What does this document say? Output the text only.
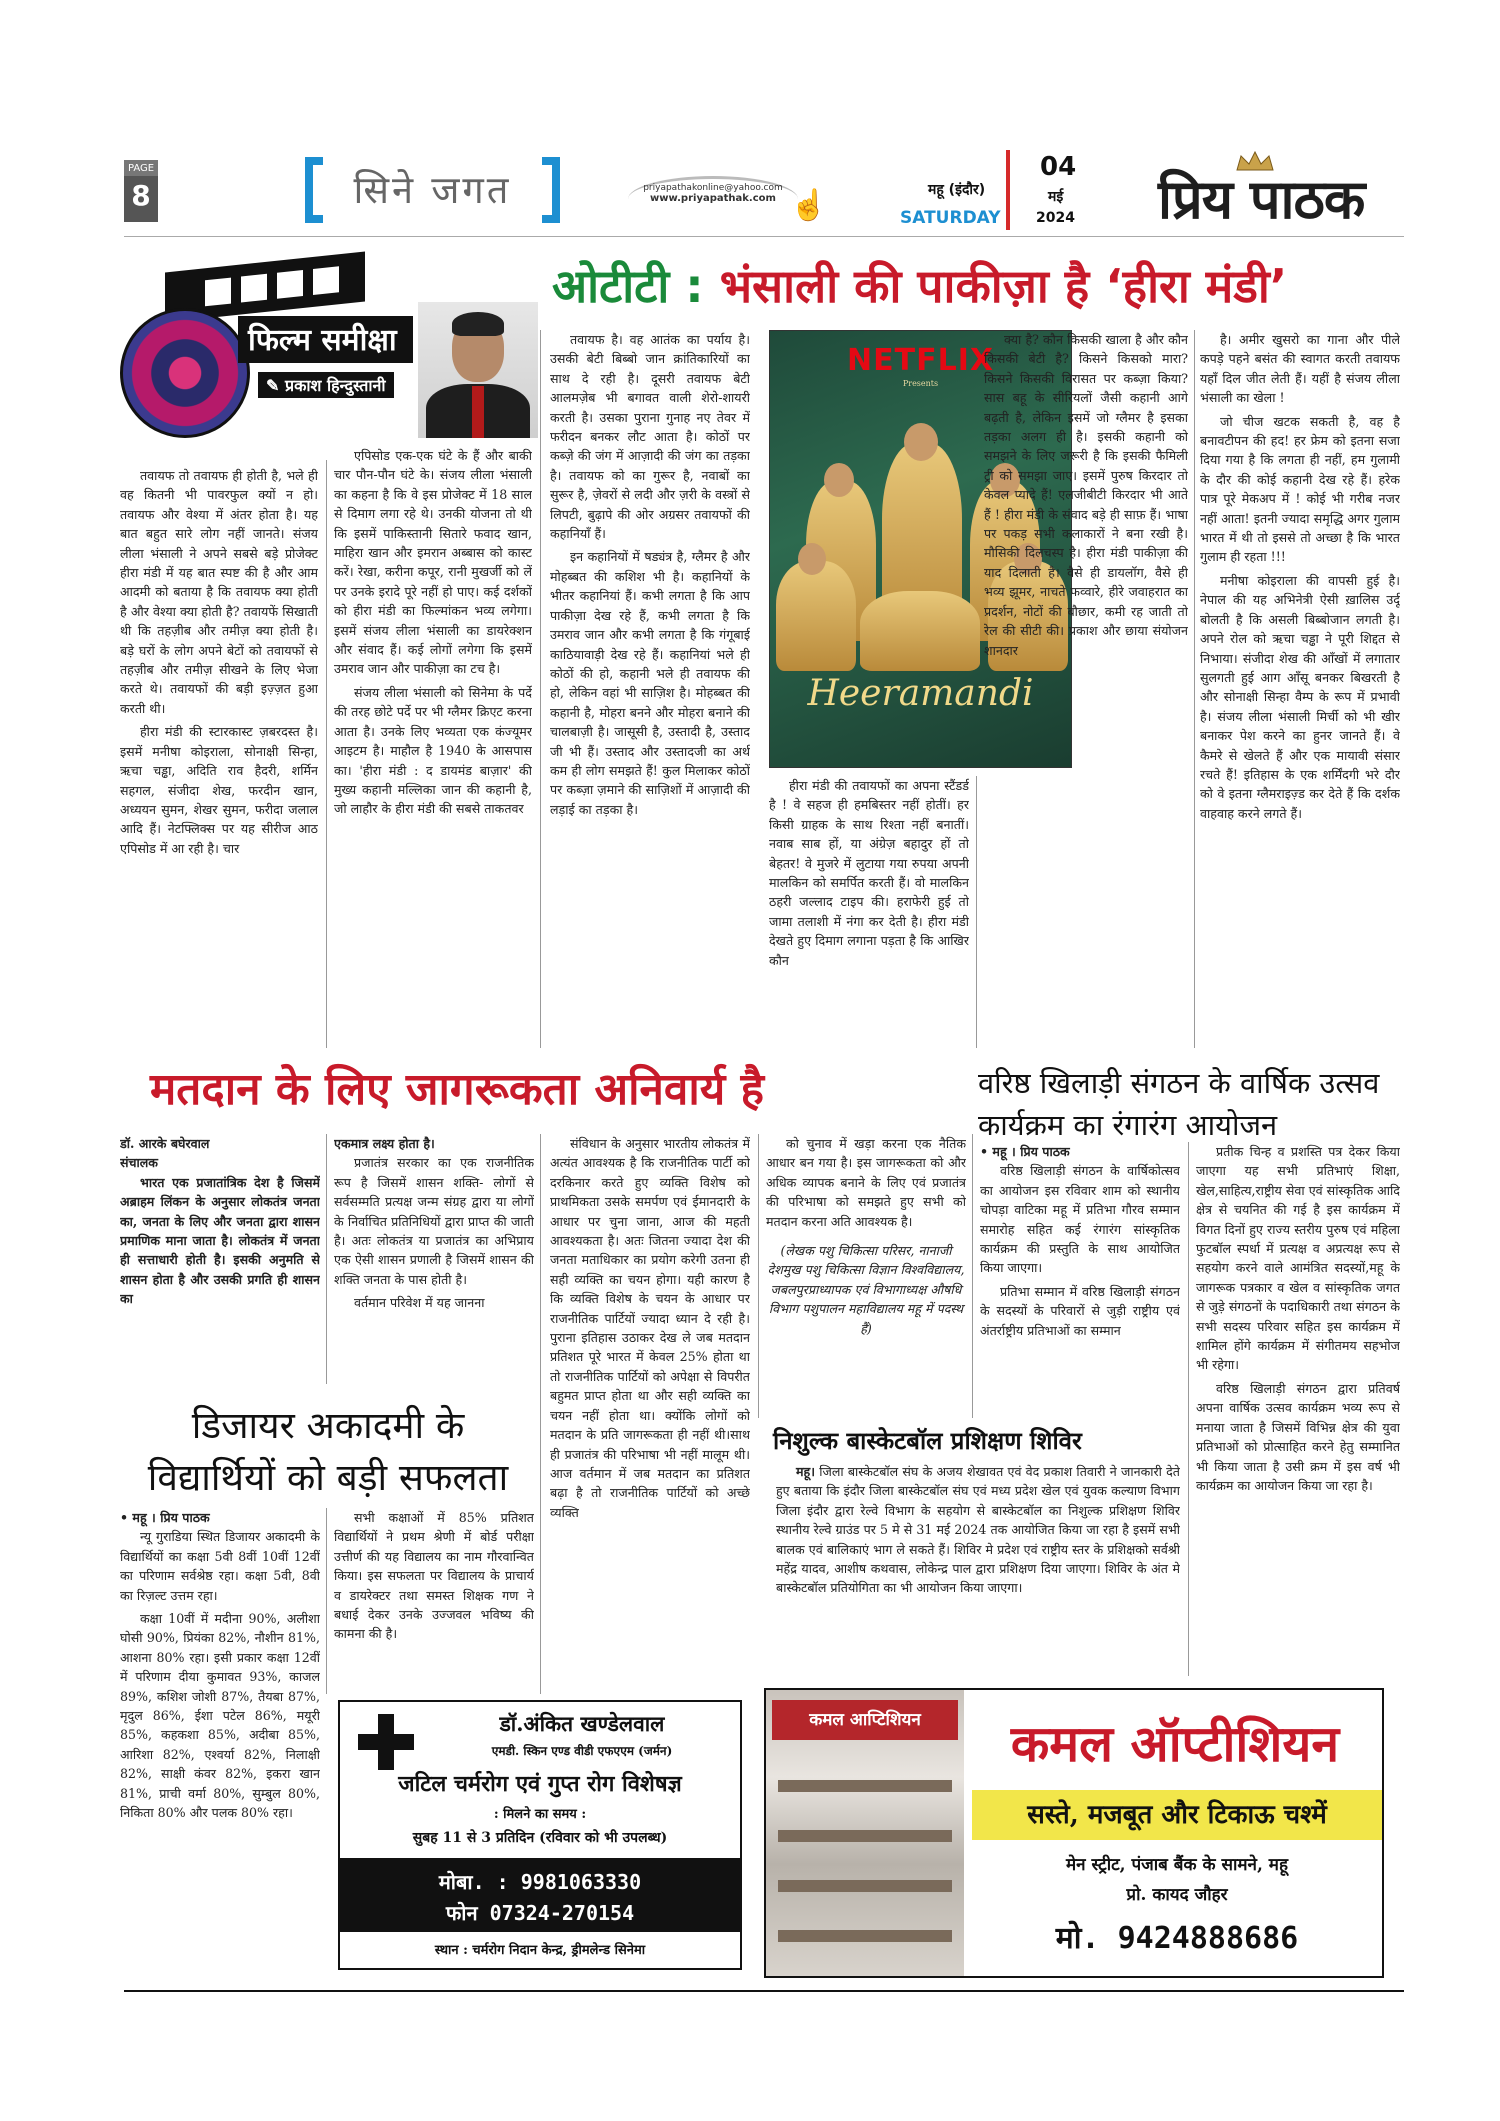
PAGE
8	सिने जगत	priyapathakonline@yahoo.com
www.priyapathak.com ☝	महू (इंदौर)
SATURDAY
04
मई
2024 प्रिय पाठक
फिल्म समीक्षा
✎ प्रकाश हिन्दुस्तानी
ओटीटी : भंसाली की पाकीज़ा है ‘हीरा मंडी’

तवायफ तो तवायफ ही होती है, भले ही वह कितनी भी पावरफुल क्यों न हो। तवायफ और वेश्या में अंतर होता है। यह बात बहुत सारे लोग नहीं जानते। संजय लीला भंसाली ने अपने सबसे बड़े प्रोजेक्ट हीरा मंडी में यह बात स्पष्ट की है और आम आदमी को बताया है कि तवायफ क्या होती है और वेश्या क्या होती है? तवायफें सिखाती थी कि तहज़ीब और तमीज़ क्या होती है। बड़े घरों के लोग अपने बेटों को तवायफों से तहज़ीब और तमीज़ सीखने के लिए भेजा करते थे। तवायफों की बड़ी इज़्ज़त हुआ करती थी।

हीरा मंडी की स्टारकास्ट ज़बरदस्त है। इसमें मनीषा कोइराला, सोनाक्षी सिन्हा, ऋचा चड्ढा, अदिति राव हैदरी, शर्मिन सहगल, संजीदा शेख, फरदीन खान, अध्ययन सुमन, शेखर सुमन, फरीदा जलाल आदि हैं। नेटफ्लिक्स पर यह सीरीज आठ एपिसोड में आ रही है। चार

एपिसोड एक-एक घंटे के हैं और बाकी चार पौन-पौन घंटे के। संजय लीला भंसाली का कहना है कि वे इस प्रोजेक्ट में 18 साल से दिमाग लगा रहे थे। उनकी योजना तो थी कि इसमें पाकिस्तानी सितारे फवाद खान, माहिरा खान और इमरान अब्बास को कास्ट करें। रेखा, करीना कपूर, रानी मुखर्जी को लें पर उनके इरादे पूरे नहीं हो पाए। कई दर्शकों को हीरा मंडी का फिल्मांकन भव्य लगेगा। इसमें संजय लीला भंसाली का डायरेक्शन और संवाद हैं। कई लोगों लगेगा कि इसमें उमराव जान और पाकीज़ा का टच है।

संजय लीला भंसाली को सिनेमा के पर्दे की तरह छोटे पर्दे पर भी ग्लैमर क्रिएट करना आता है। उनके लिए भव्यता एक कंज्यूमर आइटम है। माहौल है 1940 के आसपास का। 'हीरा मंडी : द डायमंड बाज़ार' की मुख्य कहानी मल्लिका जान की कहानी है, जो लाहौर के हीरा मंडी की सबसे ताकतवर

तवायफ है। वह आतंक का पर्याय है। उसकी बेटी बिब्बो जान क्रांतिकारियों का साथ दे रही है। दूसरी तवायफ बेटी आलमज़ेब भी बगावत वाली शेरो-शायरी करती है। उसका पुराना गुनाह नए तेवर में फरीदन बनकर लौट आता है। कोठों पर कब्ज़े की जंग में आज़ादी की जंग का तड़का है। तवायफ को का गुरूर है, नवाबों का सुरूर है, ज़ेवरों से लदी और ज़री के वस्त्रों से लिपटी, बुढ़ापे की ओर अग्रसर तवायफों की कहानियाँ हैं।

इन कहानियों में षड्यंत्र है, ग्लैमर है और मोहब्बत की कशिश भी है। कहानियों के भीतर कहानियां हैं। कभी लगता है कि आप पाकीज़ा देख रहे हैं, कभी लगता है कि उमराव जान और कभी लगता है कि गंगूबाई काठियावाड़ी देख रहे हैं। कहानियां भले ही कोठों की हो, कहानी भले ही तवायफ की हो, लेकिन वहां भी साज़िश है। मोहब्बत की कहानी है, मोहरा बनने और मोहरा बनाने की चालबाज़ी है। जासूसी है, उस्तादी है, उस्ताद जी भी हैं। उस्ताद और उस्तादजी का अर्थ कम ही लोग समझते हैं! कुल मिलाकर कोठों पर कब्ज़ा ज़माने की साज़िशों में आज़ादी की लड़ाई का तड़का है।

NETFLIX
Presents
Heeramandi

हीरा मंडी की तवायफों का अपना स्टैंडर्ड है ! वे सहज ही हमबिस्तर नहीं होतीं। हर किसी ग्राहक के साथ रिश्ता नहीं बनातीं। नवाब साब हों, या अंग्रेज़ बहादुर हों तो बेहतर! वे मुजरे में लुटाया गया रुपया अपनी मालकिन को समर्पित करती हैं। वो मालकिन ठहरी जल्लाद टाइप की। हराफेरी हुई तो जामा तलाशी में नंगा कर देती है। हीरा मंडी देखते हुए दिमाग लगाना पड़ता है कि आखिर कौन

क्या है? कौन किसकी खाला है और कौन किसकी बेटी है? किसने किसको मारा? किसने किसकी विरासत पर कब्ज़ा किया? सास बहू के सीरियलों जैसी कहानी आगे बढ़ती है, लेकिन इसमें जो ग्लैमर है इसका तड़का अलग ही है। इसकी कहानी को समझने के लिए जरूरी है कि इसकी फैमिली ट्री को समझा जाए। इसमें पुरुष किरदार तो केवल प्यादे हैं! एलजीबीटी किरदार भी आते हैं ! हीरा मंडी के संवाद बड़े ही साफ़ हैं। भाषा पर पकड़ सभी कलाकारों ने बना रखी है। मौसिकी दिलचस्प है। हीरा मंडी पाकीज़ा की याद दिलाती है। वैसे ही डायलॉग, वैसे ही भव्य झूमर, नाचते फव्वारे, हीरे जवाहरात का प्रदर्शन, नोटों की बौछार, कमी रह जाती तो रेल की सीटी की। प्रकाश और छाया संयोजन शानदार

है। अमीर खुसरो का गाना और पीले कपड़े पहने बसंत की स्वागत करती तवायफ यहाँ दिल जीत लेती हैं। यहीं है संजय लीला भंसाली का खेला !

जो चीज खटक सकती है, वह है बनावटीपन की हद! हर फ्रेम को इतना सजा दिया गया है कि लगता ही नहीं, हम गुलामी के दौर की कोई कहानी देख रहे हैं। हरेक पात्र पूरे मेकअप में ! कोई भी गरीब नजर नहीं आता! इतनी ज्यादा समृद्धि अगर गुलाम भारत में थी तो इससे तो अच्छा है कि भारत गुलाम ही रहता !!!

मनीषा कोइराला की वापसी हुई है। नेपाल की यह अभिनेत्री ऐसी ख़ालिस उर्दू बोलती है कि असली बिब्बोजान लगती है। अपने रोल को ऋचा चड्ढा ने पूरी शिद्दत से निभाया। संजीदा शेख की आँखों में लगातार सुलगती हुई आग आँसू बनकर बिखरती है और सोनाक्षी सिन्हा वैम्प के रूप में प्रभावी है। संजय लीला भंसाली मिर्ची को भी खीर बनाकर पेश करने का हुनर जानते हैं। वे कैमरे से खेलते हैं और एक मायावी संसार रचते हैं! इतिहास के एक शर्मिंदगी भरे दौर को वे इतना ग्लैमराइज़्ड कर देते हैं कि दर्शक वाहवाह करने लगते हैं।

मतदान के लिए जागरूकता अनिवार्य है
डॉ. आरके बघेरवाल
संचालक

भारत एक प्रजातांत्रिक देश है जिसमें अब्राहम लिंकन के अनुसार लोकतंत्र जनता का, जनता के लिए और जनता द्वारा शासन प्रमाणिक माना जाता है। लोकतंत्र में जनता ही सत्ताधारी होती है। इसकी अनुमति से शासन होता है और उसकी प्रगति ही शासन का

एकमात्र लक्ष्य होता है।

प्रजातंत्र सरकार का एक राजनीतिक रूप है जिसमें शासन शक्ति- लोगों से सर्वसम्मति प्रत्यक्ष जन्म संग्रह द्वारा या लोगों के निर्वाचित प्रतिनिधियों द्वारा प्राप्त की जाती है। अतः लोकतंत्र या प्रजातंत्र का अभिप्राय एक ऐसी शासन प्रणाली है जिसमें शासन की शक्ति जनता के पास होती है।

वर्तमान परिवेश में यह जानना

संविधान के अनुसार भारतीय लोकतंत्र में अत्यंत आवश्यक है कि राजनीतिक पार्टी को दरकिनार करते हुए व्यक्ति विशेष को प्राथमिकता उसके समर्पण एवं ईमानदारी के आधार पर चुना जाना, आज की महती आवश्यकता है। अतः जितना ज्यादा देश की जनता मताधिकार का प्रयोग करेगी उतना ही सही व्यक्ति का चयन होगा। यही कारण है कि व्यक्ति विशेष के चयन के आधार पर राजनीतिक पार्टियों ज्यादा ध्यान दे रही है। पुराना इतिहास उठाकर देख ले जब मतदान प्रतिशत पूरे भारत में केवल 25% होता था तो राजनीतिक पार्टियों को अपेक्षा से विपरीत बहुमत प्राप्त होता था और सही व्यक्ति का चयन नहीं होता था। क्योंकि लोगों को मतदान के प्रति जागरूकता ही नहीं थी।साथ ही प्रजातंत्र की परिभाषा भी नहीं मालूम थी। आज वर्तमान में जब मतदान का प्रतिशत बढ़ा है तो राजनीतिक पार्टियों को अच्छे व्यक्ति

को चुनाव में खड़ा करना एक नैतिक आधार बन गया है। इस जागरूकता को और अधिक व्यापक बनाने के लिए एवं प्रजातंत्र की परिभाषा को समझते हुए सभी को मतदान करना अति आवश्यक है।

(लेखक पशु चिकित्सा परिसर, नानाजी देशमुख पशु चिकित्सा विज्ञान विश्वविद्यालय, जबलपुरप्राध्यापक एवं विभागाध्यक्ष औषधि विभाग पशुपालन महाविद्यालय महू में पदस्थ हैं)

वरिष्ठ खिलाड़ी संगठन के वार्षिक उत्सव कार्यक्रम का रंगारंग आयोजन
• महू । प्रिय पाठक

वरिष्ठ खिलाड़ी संगठन के वार्षिकोत्सव का आयोजन इस रविवार शाम को स्थानीय चोपड़ा वाटिका महू में प्रतिभा गौरव सम्मान समारोह सहित कई रंगारंग सांस्कृतिक कार्यक्रम की प्रस्तुति के साथ आयोजित किया जाएगा।

प्रतिभा सम्मान में वरिष्ठ खिलाड़ी संगठन के सदस्यों के परिवारों से जुड़ी राष्ट्रीय एवं अंतर्राष्ट्रीय प्रतिभाओं का सम्मान

प्रतीक चिन्ह व प्रशस्ति पत्र देकर किया जाएगा यह सभी प्रतिभाएं शिक्षा, खेल,साहित्य,राष्ट्रीय सेवा एवं सांस्कृतिक आदि क्षेत्र से चयनित की गई है इस कार्यक्रम में विगत दिनों हुए राज्य स्तरीय पुरुष एवं महिला फुटबॉल स्पर्धा में प्रत्यक्ष व अप्रत्यक्ष रूप से सहयोग करने वाले आमंत्रित सदस्यों,महू के जागरूक पत्रकार व खेल व सांस्कृतिक जगत से जुड़े संगठनों के पदाधिकारी तथा संगठन के सभी सदस्य परिवार सहित इस कार्यक्रम में शामिल होंगे कार्यक्रम में संगीतमय सहभोज भी रहेगा।

वरिष्ठ खिलाड़ी संगठन द्वारा प्रतिवर्ष अपना वार्षिक उत्सव कार्यक्रम भव्य रूप से मनाया जाता है जिसमें विभिन्न क्षेत्र की युवा प्रतिभाओं को प्रोत्साहित करने हेतु सम्मानित भी किया जाता है उसी क्रम में इस वर्ष भी कार्यक्रम का आयोजन किया जा रहा है।

निशुल्क बास्केटबॉल प्रशिक्षण शिविर

महू। जिला बास्केटबॉल संघ के अजय शेखावत एवं वेद प्रकाश तिवारी ने जानकारी देते हुए बताया कि इंदौर जिला बास्केटबॉल संघ एवं मध्य प्रदेश खेल एवं युवक कल्याण विभाग जिला इंदौर द्वारा रेल्वे विभाग के सहयोग से बास्केटबॉल का निशुल्क प्रशिक्षण शिविर स्थानीय रेल्वे ग्राउंड पर 5 मे से 31 मई 2024 तक आयोजित किया जा रहा है इसमें सभी बालक एवं बालिकाएं भाग ले सकते हैं। शिविर मे प्रदेश एवं राष्ट्रीय स्तर के प्रशिक्षको सर्वश्री महेंद्र यादव, आशीष कथवास, लोकेन्द्र पाल द्वारा प्रशिक्षण दिया जाएगा। शिविर के अंत मे बास्केटबॉल प्रतियोगिता का भी आयोजन किया जाएगा।

डिजायर अकादमी के
विद्यार्थियों को बड़ी सफलता
• महू । प्रिय पाठक

न्यू गुराडिया स्थित डिजायर अकादमी के विद्यार्थियों का कक्षा 5वी 8वीं 10वीं 12वीं का परिणाम सर्वश्रेष्ठ रहा। कक्षा 5वी, 8वी का रिज़ल्ट उत्तम रहा।

कक्षा 10वीं में मदीना 90%, अलीशा घोसी 90%, प्रियंका 82%, नौशीन 81%, आशना 80% रहा। इसी प्रकार कक्षा 12वीं में परिणाम दीया कुमावत 93%, काजल 89%, कशिश जोशी 87%, तैयबा 87%, मृदुल 86%, ईशा पटेल 86%, मयूरी 85%, कहकशा 85%, अदीबा 85%, आरिशा 82%, एश्वर्या 82%, निलाक्षी 82%, साक्षी कंवर 82%, इकरा खान 81%, प्राची वर्मा 80%, सुम्बुल 80%, निकिता 80% और पलक 80% रहा।

सभी कक्षाओं में 85% प्रतिशत विद्यार्थियों ने प्रथम श्रेणी में बोर्ड परीक्षा उत्तीर्ण की यह विद्यालय का नाम गौरवान्वित किया। इस सफलता पर विद्यालय के प्राचार्य व डायरेक्टर तथा समस्त शिक्षक गण ने बधाई देकर उनके उज्जवल भविष्य की कामना की है।

डॉ.अंकित खण्डेलवाल
एमडी. स्किन एण्ड वीडी एफएएम (जर्मन)
जटिल चर्मरोग एवं गुप्त रोग विशेषज्ञ
: मिलने का समय :
सुबह 11 से 3 प्रतिदिन (रविवार को भी उपलब्ध)
मोबा. : 9981063330
फोन 07324-270154
स्थान : चर्मरोग निदान केन्द्र, ड्रीमलेन्ड सिनेमा
कमल आप्टिशियन	कमल ऑप्टीशियन
सस्ते, मजबूत और टिकाऊ चश्में
मेन स्ट्रीट, पंजाब बैंक के सामने, महू
प्रो. कायद जौहर
मो. 9424888686
